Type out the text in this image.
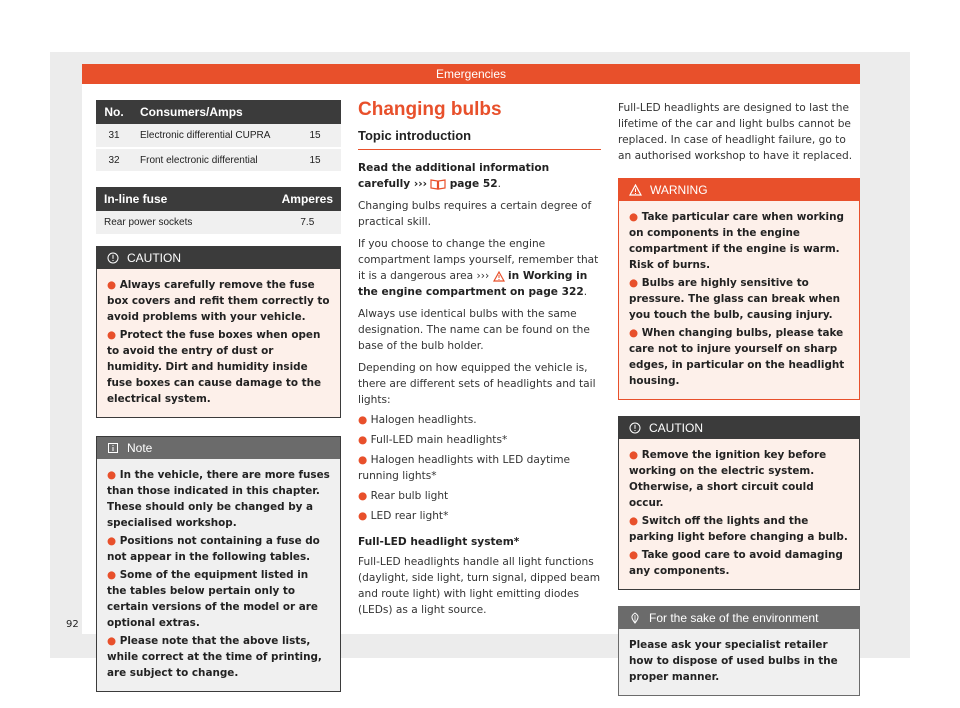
Emergencies
No.	Consumers/Amps	
31	Electronic differential CUPRA	15
32	Front electronic differential	15
In-line fuse	Amperes
Rear power sockets	7.5
CAUTION

● Always carefully remove the fuse box covers and refit them correctly to avoid problems with your vehicle.

● Protect the fuse boxes when open to avoid the entry of dust or humidity. Dirt and humidity inside fuse boxes can cause damage to the electrical system.

Note

● In the vehicle, there are more fuses than those indicated in this chapter. These should only be changed by a specialised workshop.

● Positions not containing a fuse do not appear in the following tables.

● Some of the equipment listed in the tables below pertain only to certain versions of the model or are optional extras.

● Please note that the above lists, while correct at the time of printing, are subject to change.

Changing bulbs
Topic introduction
Read the additional information carefully ››› page 52.

Changing bulbs requires a certain degree of practical skill.

If you choose to change the engine compartment lamps yourself, remember that it is a dangerous area ››› in Working in the engine compartment on page 322.

Always use identical bulbs with the same designation. The name can be found on the base of the bulb holder.

Depending on how equipped the vehicle is, there are different sets of headlights and tail lights:

● Halogen headlights.

● Full-LED main headlights*

● Halogen headlights with LED daytime running lights*

● Rear bulb light

● LED rear light*

Full-LED headlight system*

Full-LED headlights handle all light functions (daylight, side light, turn signal, dipped beam and route light) with light emitting diodes (LEDs) as a light source.

Full-LED headlights are designed to last the lifetime of the car and light bulbs cannot be replaced. In case of headlight failure, go to an authorised workshop to have it replaced.

WARNING

● Take particular care when working on components in the engine compartment if the engine is warm. Risk of burns.

● Bulbs are highly sensitive to pressure. The glass can break when you touch the bulb, causing injury.

● When changing bulbs, please take care not to injure yourself on sharp edges, in particular on the headlight housing.

CAUTION

● Remove the ignition key before working on the electric system. Otherwise, a short circuit could occur.

● Switch off the lights and the parking light before changing a bulb.

● Take good care to avoid damaging any components.

For the sake of the environment

Please ask your specialist retailer how to dispose of used bulbs in the proper manner.

92
